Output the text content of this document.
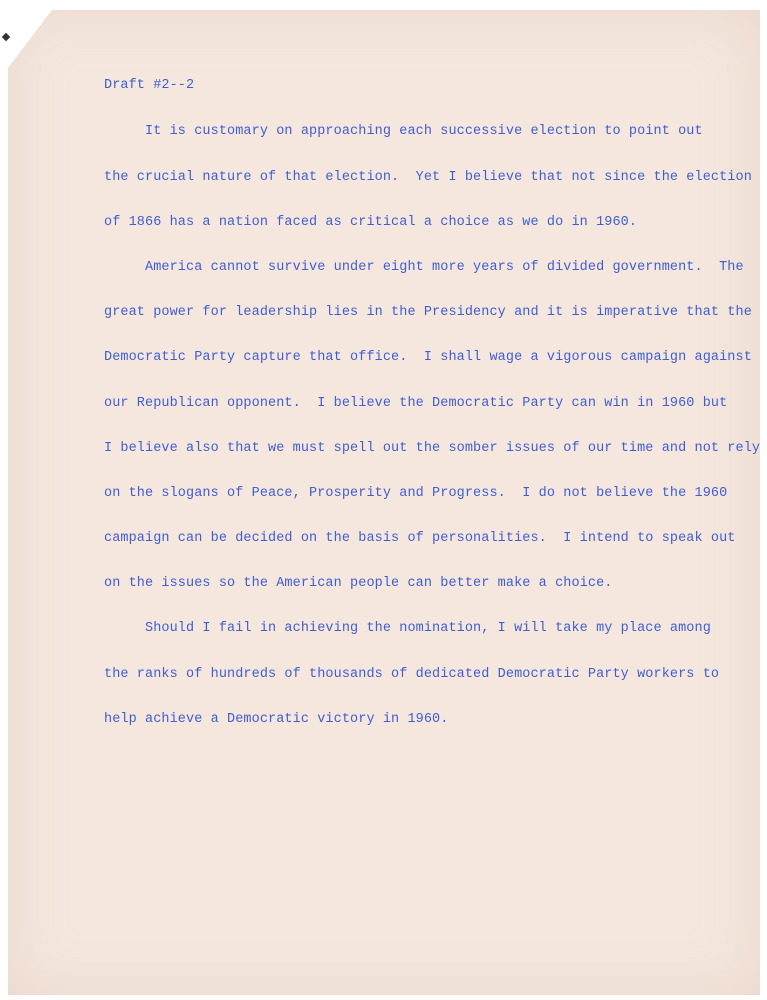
Draft #2--2
It is customary on approaching each successive election to point out
the crucial nature of that election.  Yet I believe that not since the election
of 1866 has a nation faced as critical a choice as we do in 1960.
America cannot survive under eight more years of divided government.  The
great power for leadership lies in the Presidency and it is imperative that the
Democratic Party capture that office.  I shall wage a vigorous campaign against
our Republican opponent.  I believe the Democratic Party can win in 1960 but
I believe also that we must spell out the somber issues of our time and not rely
on the slogans of Peace, Prosperity and Progress.  I do not believe the 1960
campaign can be decided on the basis of personalities.  I intend to speak out
on the issues so the American people can better make a choice.
Should I fail in achieving the nomination, I will take my place among
the ranks of hundreds of thousands of dedicated Democratic Party workers to
help achieve a Democratic victory in 1960.
